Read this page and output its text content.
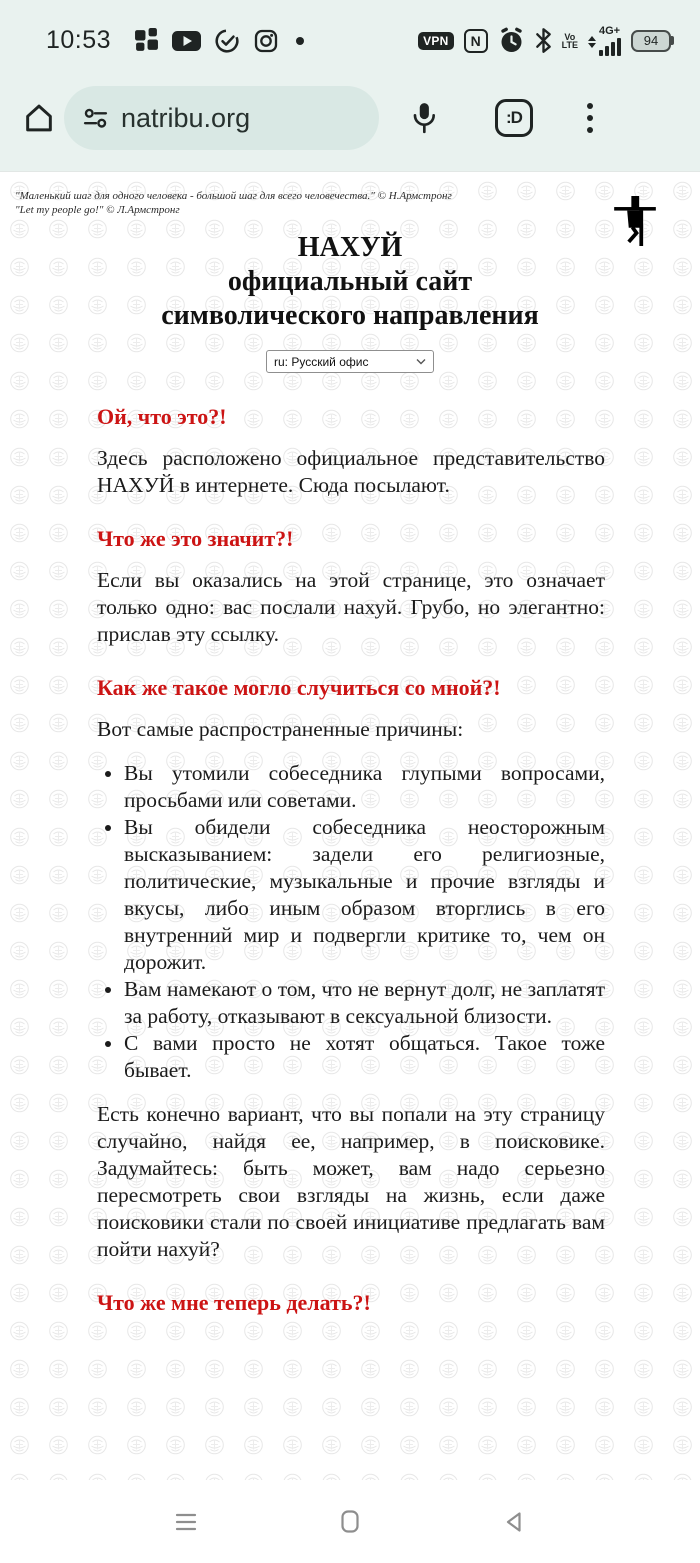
10:53	VPN	N	Vo
LTE
4G+
94
natribu.org	:D
"Маленький шаг для одного человека - большой шаг для всего человечества." © Н.Армстронг
"Let my people go!" © Л.Армстронг
НАХУЙ
официальный сайт
символического направления
ru: Русский офис
Ой, что это?!

Здесь расположено официальное представительство НАХУЙ в интернете. Сюда посылают.

Что же это значит?!

Если вы оказались на этой странице, это означает только одно: вас послали нахуй. Грубо, но элегантно: прислав эту ссылку.

Как же такое могло случиться со мной?!

Вот самые распространенные причины:

• Вы утомили собеседника глупыми вопросами, просьбами или советами.
• Вы обидели собеседника неосторожным высказыванием: задели его религиозные, политические, музыкальные и прочие взгляды и вкусы, либо иным образом вторглись в его внутренний мир и подвергли критике то, чем он дорожит.
• Вам намекают о том, что не вернут долг, не заплатят за работу, отказывают в сексуальной близости.
• С вами просто не хотят общаться. Такое тоже бывает.

Есть конечно вариант, что вы попали на эту страницу случайно, найдя ее, например, в поисковике. Задумайтесь: быть может, вам надо серьезно пересмотреть свои взгляды на жизнь, если даже поисковики стали по своей инициативе предлагать вам пойти нахуй?

Что же мне теперь делать?!
